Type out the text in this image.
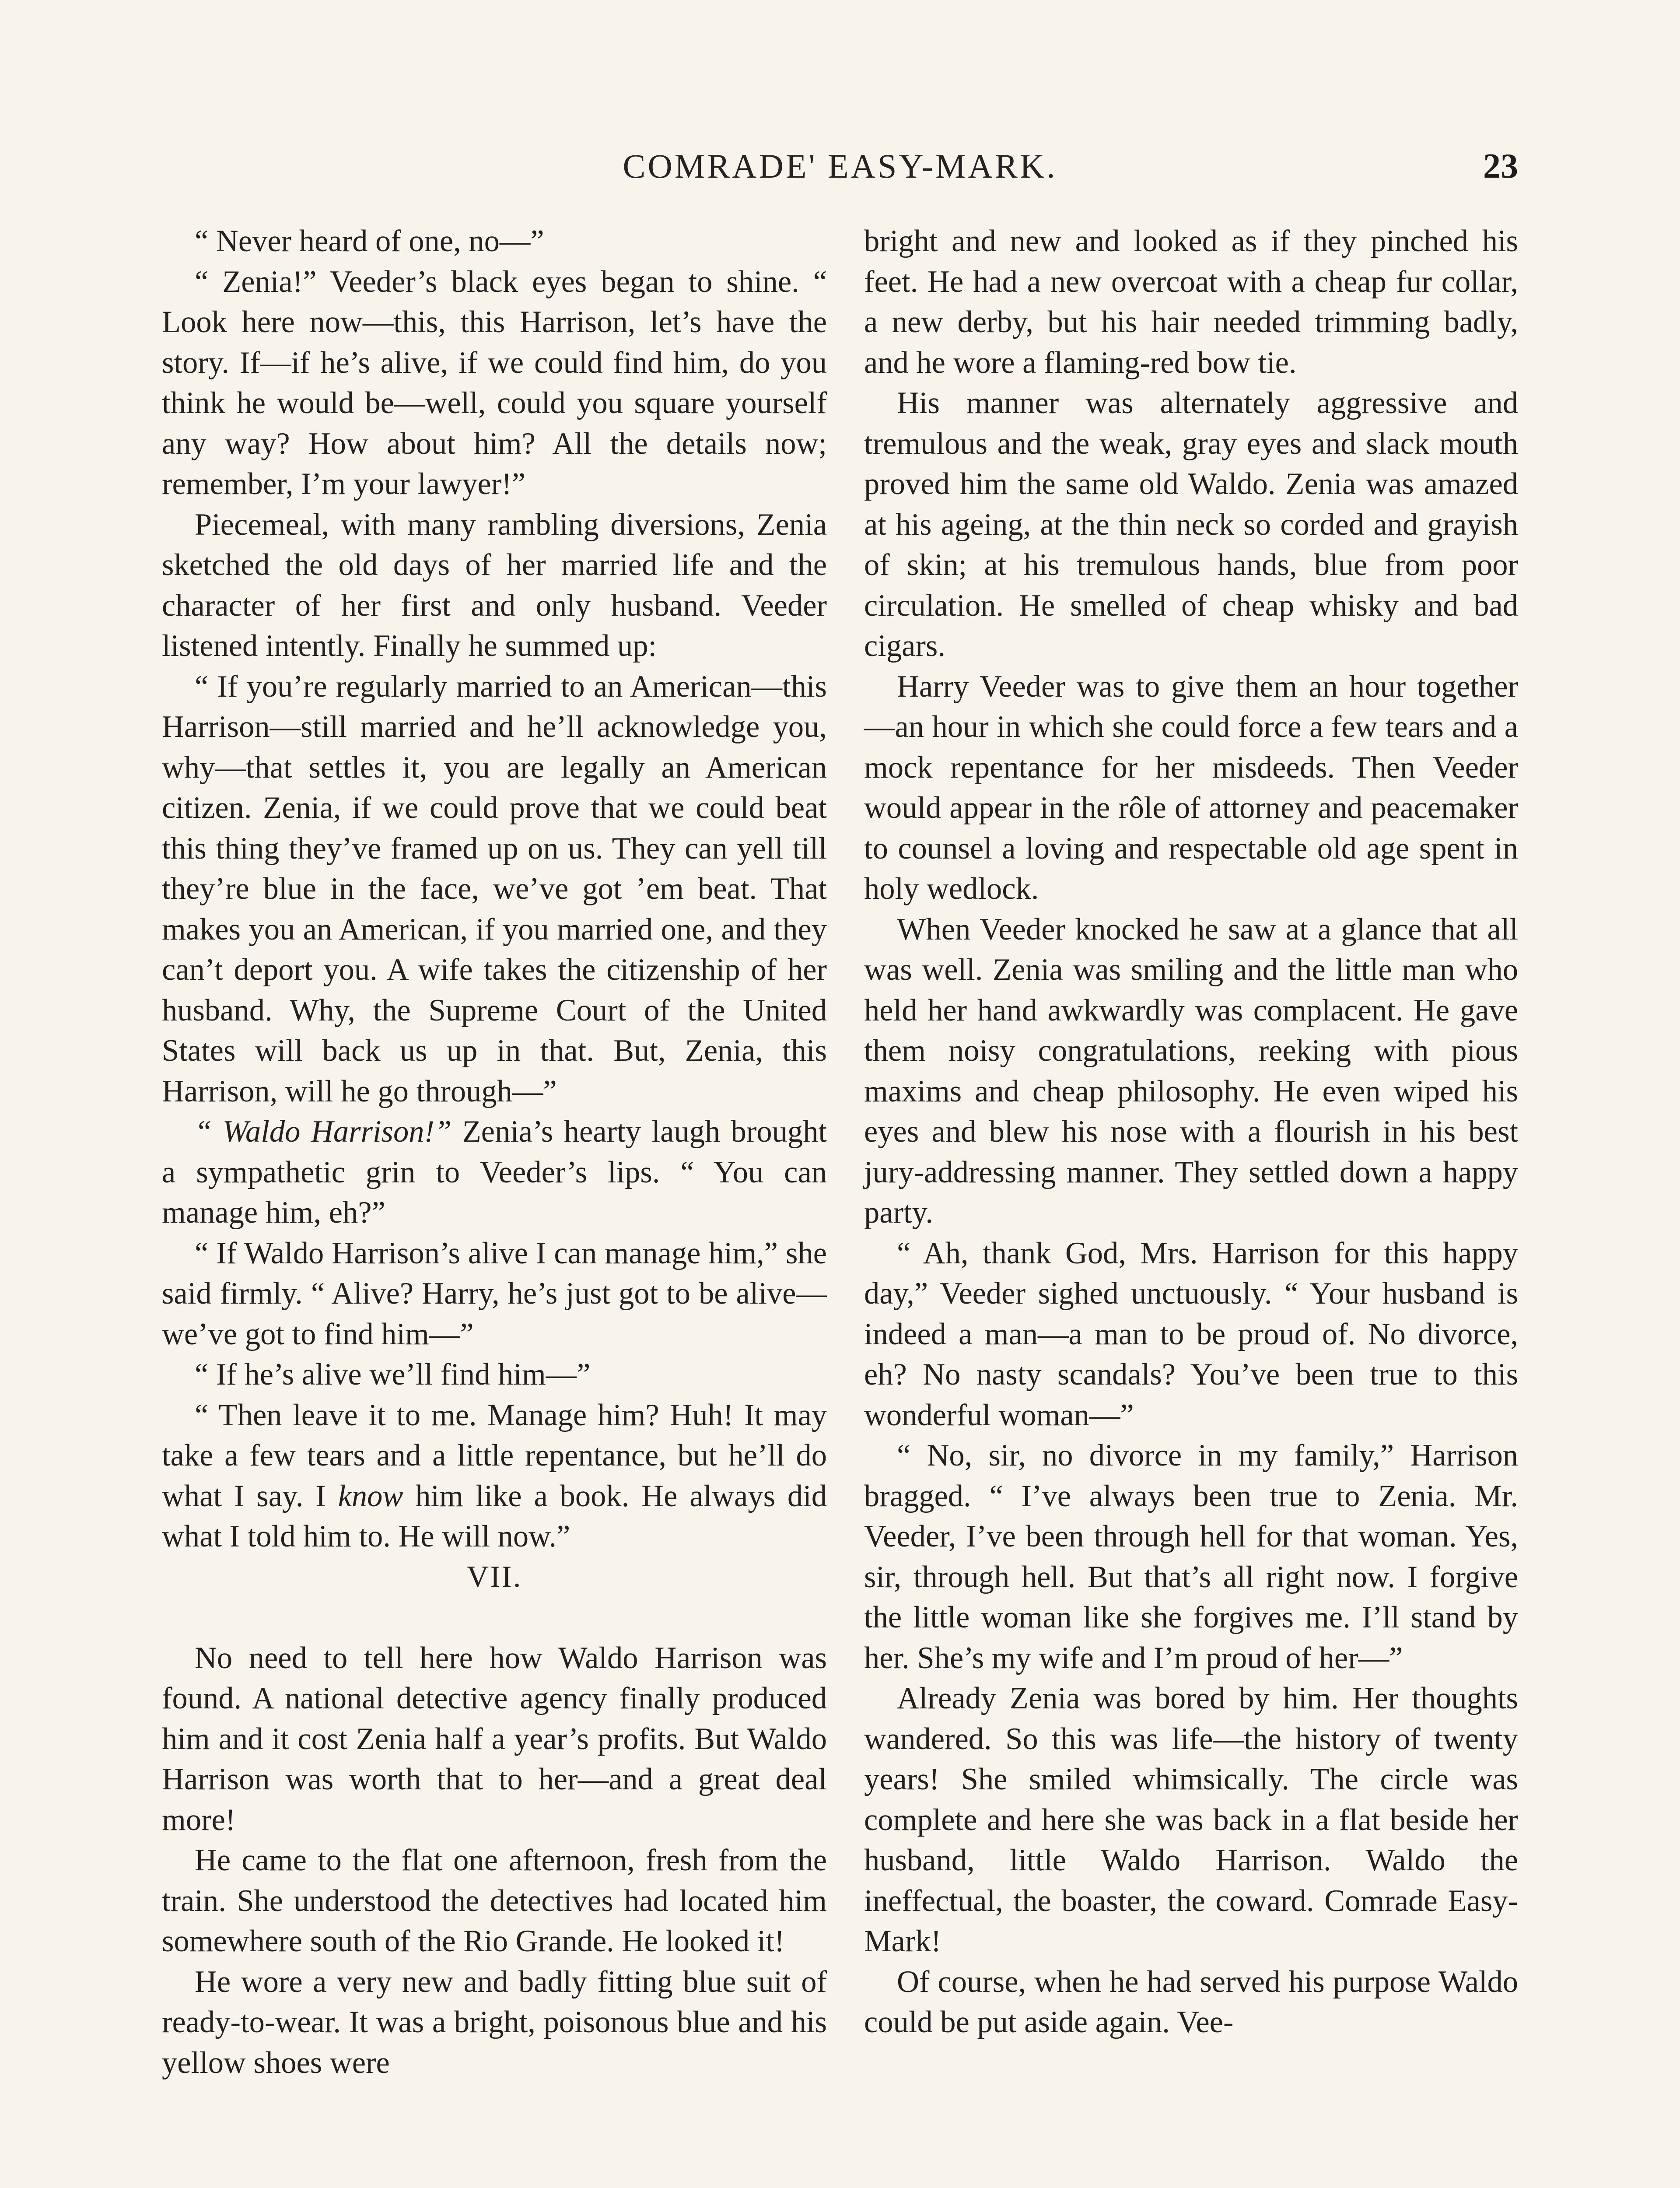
COMRADE' EASY-MARK.	23

“ Never heard of one, no—”

“ Zenia!” Veeder’s black eyes began to shine. “ Look here now—this, this Harrison, let’s have the story. If—if he’s alive, if we could find him, do you think he would be—well, could you square yourself any way? How about him? All the details now; remember, I’m your lawyer!”

Piecemeal, with many rambling diversions, Zenia sketched the old days of her married life and the character of her first and only husband. Veeder listened intently. Finally he summed up:

“ If you’re regularly married to an American—this Harrison—still married and he’ll acknowledge you, why—that settles it, you are legally an American citizen. Zenia, if we could prove that we could beat this thing they’ve framed up on us. They can yell till they’re blue in the face, we’ve got ’em beat. That makes you an American, if you married one, and they can’t deport you. A wife takes the citizenship of her husband. Why, the Supreme Court of the United States will back us up in that. But, Zenia, this Harrison, will he go through—”

“ Waldo Harrison!” Zenia’s hearty laugh brought a sympathetic grin to Veeder’s lips. “ You can manage him, eh?”

“ If Waldo Harrison’s alive I can manage him,” she said firmly. “ Alive? Harry, he’s just got to be alive—we’ve got to find him—”

“ If he’s alive we’ll find him—”

“ Then leave it to me. Manage him? Huh! It may take a few tears and a little repentance, but he’ll do what I say. I know him like a book. He always did what I told him to. He will now.”

VII.

No need to tell here how Waldo Harrison was found. A national detective agency finally produced him and it cost Zenia half a year’s profits. But Waldo Harrison was worth that to her—and a great deal more!

He came to the flat one afternoon, fresh from the train. She understood the detectives had located him somewhere south of the Rio Grande. He looked it!

He wore a very new and badly fitting blue suit of ready-to-wear. It was a bright, poisonous blue and his yellow shoes were

bright and new and looked as if they pinched his feet. He had a new overcoat with a cheap fur collar, a new derby, but his hair needed trimming badly, and he wore a flaming-red bow tie.

His manner was alternately aggressive and tremulous and the weak, gray eyes and slack mouth proved him the same old Waldo. Zenia was amazed at his ageing, at the thin neck so corded and grayish of skin; at his tremulous hands, blue from poor circulation. He smelled of cheap whisky and bad cigars.

Harry Veeder was to give them an hour together—an hour in which she could force a few tears and a mock repentance for her misdeeds. Then Veeder would appear in the rôle of attorney and peacemaker to counsel a loving and respectable old age spent in holy wedlock.

When Veeder knocked he saw at a glance that all was well. Zenia was smiling and the little man who held her hand awkwardly was complacent. He gave them noisy congratulations, reeking with pious maxims and cheap philosophy. He even wiped his eyes and blew his nose with a flourish in his best jury-addressing manner. They settled down a happy party.

“ Ah, thank God, Mrs. Harrison for this happy day,” Veeder sighed unctuously. “ Your husband is indeed a man—a man to be proud of. No divorce, eh? No nasty scandals? You’ve been true to this wonderful woman—”

“ No, sir, no divorce in my family,” Harrison bragged. “ I’ve always been true to Zenia. Mr. Veeder, I’ve been through hell for that woman. Yes, sir, through hell. But that’s all right now. I forgive the little woman like she forgives me. I’ll stand by her. She’s my wife and I’m proud of her—”

Already Zenia was bored by him. Her thoughts wandered. So this was life—the history of twenty years! She smiled whimsically. The circle was complete and here she was back in a flat beside her husband, little Waldo Harrison. Waldo the ineffectual, the boaster, the coward. Comrade Easy-Mark!

Of course, when he had served his purpose Waldo could be put aside again. Vee-
